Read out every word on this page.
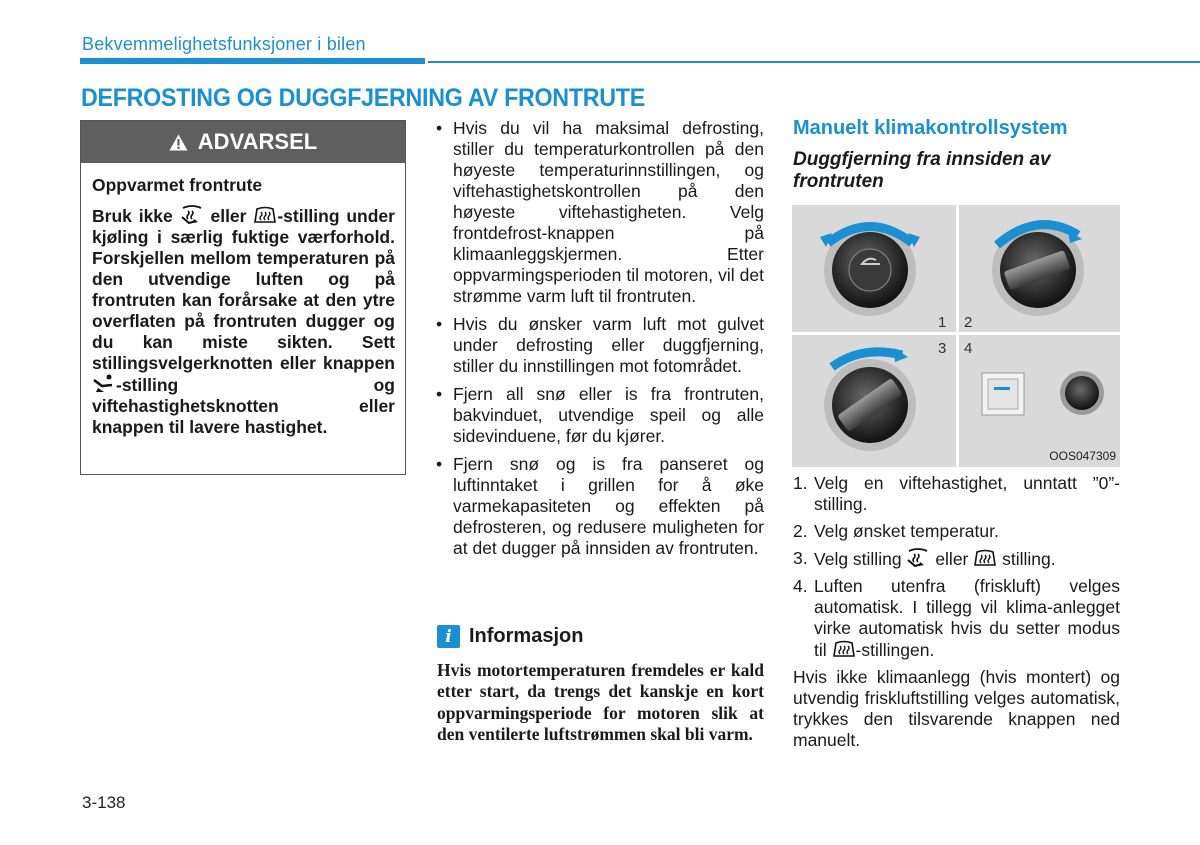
Bekvemmelighetsfunksjoner i bilen
DEFROSTING OG DUGGFJERNING AV FRONTRUTE
ADVARSEL
Oppvarmet frontrute
Bruk ikke eller -stilling under kjøling i særlig fuktige værforhold. Forskjellen mellom temperaturen på den utvendige luften og på frontruten kan forårsake at den ytre overflaten på frontruten dugger og du kan miste sikten. Sett stillingsvelgerknotten eller knappen -stilling og viftehastighetsknotten eller knappen til lavere hastighet.
• Hvis du vil ha maksimal defrosting, stiller du temperaturkontrollen på den høyeste temperaturinnstillingen, og viftehastighetskontrollen på den høyeste viftehastigheten. Velg frontdefrost-knappen på klimaanleggskjermen. Etter oppvarmingsperioden til motoren, vil det strømme varm luft til frontruten.
• Hvis du ønsker varm luft mot gulvet under defrosting eller duggfjerning, stiller du innstillingen mot fotområdet.
• Fjern all snø eller is fra frontruten, bakvinduet, utvendige speil og alle sidevinduene, før du kjører.
• Fjern snø og is fra panseret og luftinntaket i grillen for å øke varmekapasiteten og effekten på defrosteren, og redusere muligheten for at det dugger på innsiden av frontruten.
i Informasjon
Hvis motortemperaturen fremdeles er kald etter start, da trengs det kanskje en kort oppvarmingsperiode for motoren slik at den ventilerte luftstrømmen skal bli varm.
Manuelt klimakontrollsystem
Duggfjerning fra innsiden av frontruten
1 2
3 4
OOS047309
1. Velg en viftehastighet, unntatt ”0”-stilling.
2. Velg ønsket temperatur.
3. Velg stilling eller stilling.
4. Luften utenfra (friskluft) velges automatisk. I tillegg vil klima-anlegget virke automatisk hvis du setter modus til -stillingen.
Hvis ikke klimaanlegg (hvis montert) og utvendig friskluftstilling velges automatisk, trykkes den tilsvarende knappen ned manuelt.
3-138
